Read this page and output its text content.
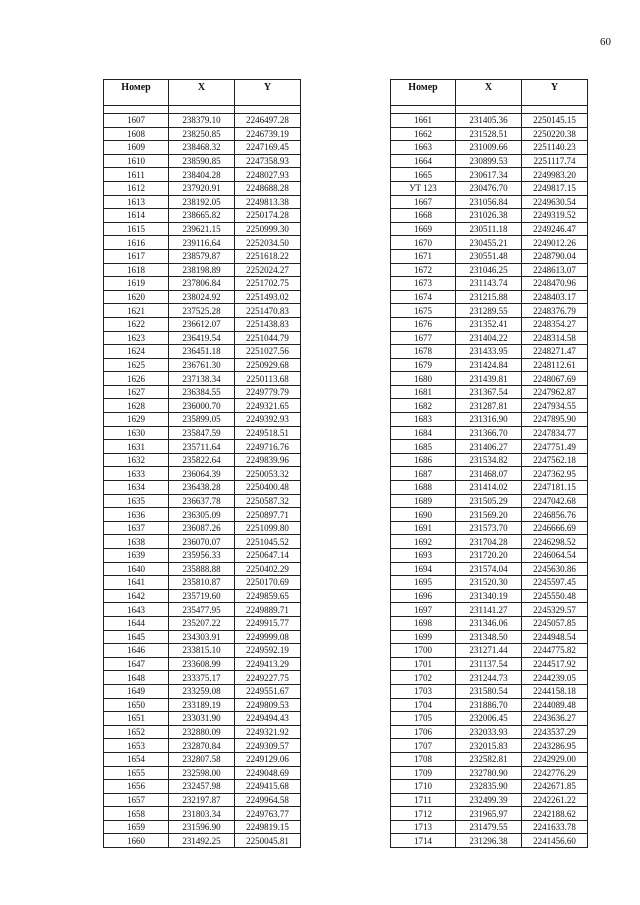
60
Номер	X	Y

1607	238379.10	2246497.28
1608	238250.85	2246739.19
1609	238468.32	2247169.45
1610	238590.85	2247358.93
1611	238404.28	2248027.93
1612	237920.91	2248688.28
1613	238192.05	2249813.38
1614	238665.82	2250174.28
1615	239621.15	2250999.30
1616	239116.64	2252034.50
1617	238579.87	2251618.22
1618	238198.89	2252024.27
1619	237806.84	2251702.75
1620	238024.92	2251493.02
1621	237525.28	2251470.83
1622	236612.07	2251438.83
1623	236419.54	2251044.79
1624	236451.18	2251027.56
1625	236761.30	2250929.68
1626	237138.34	2250113.68
1627	236384.55	2249779.79
1628	236000.70	2249321.65
1629	235899.05	2249392.93
1630	235847.59	2249518.51
1631	235711.64	2249716.76
1632	235822.64	2249839.96
1633	236064.39	2250053.32
1634	236438.28	2250400.48
1635	236637.78	2250587.32
1636	236305.09	2250897.71
1637	236087.26	2251099.80
1638	236070.07	2251045.52
1639	235956.33	2250647.14
1640	235888.88	2250402.29
1641	235810.87	2250170.69
1642	235719.60	2249859.65
1643	235477.95	2249889.71
1644	235207.22	2249915.77
1645	234303.91	2249999.08
1646	233815.10	2249592.19
1647	233608.99	2249413.29
1648	233375.17	2249227.75
1649	233259.08	2249551.67
1650	233189.19	2249809.53
1651	233031.90	2249494.43
1652	232880.09	2249321.92
1653	232870.84	2249309.57
1654	232807.58	2249129.06
1655	232598.00	2249048.69
1656	232457.98	2249415.68
1657	232197.87	2249964.58
1658	231803.34	2249763.77
1659	231596.90	2249819.15
1660	231492.25	2250045.81
Номер	X	Y

1661	231405.36	2250145.15
1662	231528.51	2250220.38
1663	231009.66	2251140.23
1664	230899.53	2251117.74
1665	230617.34	2249983.20
УТ 123	230476.70	2249817.15
1667	231056.84	2249630.54
1668	231026.38	2249319.52
1669	230511.18	2249246.47
1670	230455.21	2249012.26
1671	230551.48	2248790.04
1672	231046.25	2248613.07
1673	231143.74	2248470.96
1674	231215.88	2248403.17
1675	231289.55	2248376.79
1676	231352.41	2248354.27
1677	231404.22	2248314.58
1678	231433.95	2248271.47
1679	231424.84	2248112.61
1680	231439.81	2248067.69
1681	231367.54	2247962.87
1682	231287.81	2247934.55
1683	231316.90	2247895.90
1684	231366.70	2247834.77
1685	231406.27	2247751.49
1686	231534.82	2247562.18
1687	231468.07	2247362.95
1688	231414.02	2247181.15
1689	231505.29	2247042.68
1690	231569.20	2246856.76
1691	231573.70	2246666.69
1692	231704.28	2246298.52
1693	231720.20	2246064.54
1694	231574.04	2245630.86
1695	231520.30	2245597.45
1696	231340.19	2245550.48
1697	231141.27	2245329.57
1698	231346.06	2245057.85
1699	231348.50	2244948.54
1700	231271.44	2244775.82
1701	231137.54	2244517.92
1702	231244.73	2244239.05
1703	231580.54	2244158.18
1704	231886.70	2244089.48
1705	232006.45	2243636.27
1706	232033.93	2243537.29
1707	232015.83	2243286.95
1708	232582.81	2242929.00
1709	232780.90	2242776.29
1710	232835.90	2242671.85
1711	232499.39	2242261.22
1712	231965.97	2242188.62
1713	231479.55	2241633.78
1714	231296.38	2241456.60
